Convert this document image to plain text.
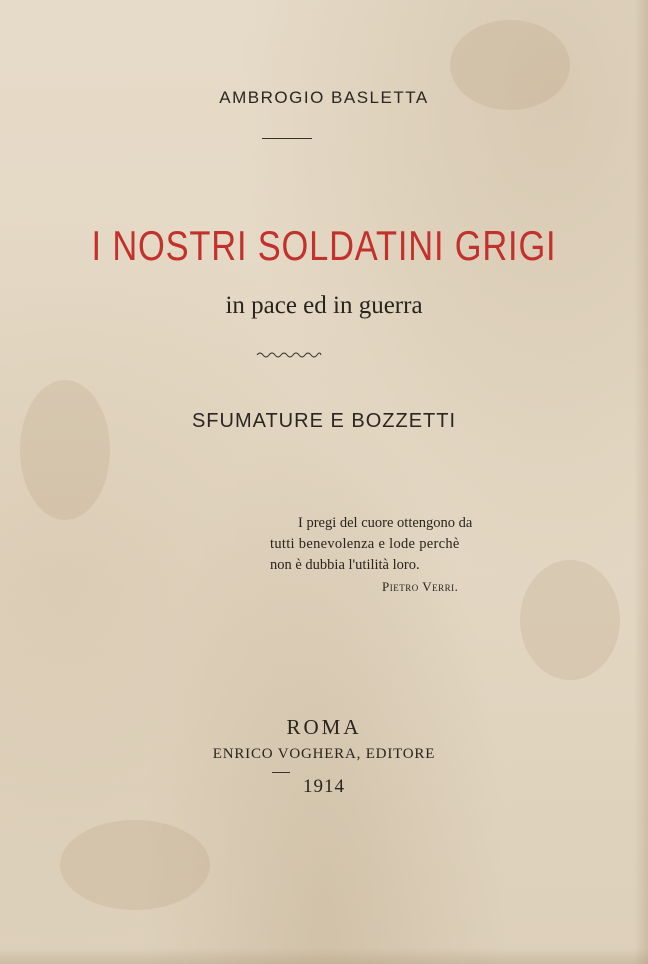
AMBROGIO BASLETTA
I NOSTRI SOLDATINI GRIGI
in pace ed in guerra
SFUMATURE E BOZZETTI
I pregi del cuore ottengono da
tutti benevolenza e lode perchè
non è dubbia l'utilità loro.
Pietro Verri.
ROMA
ENRICO VOGHERA, EDITORE
1914
